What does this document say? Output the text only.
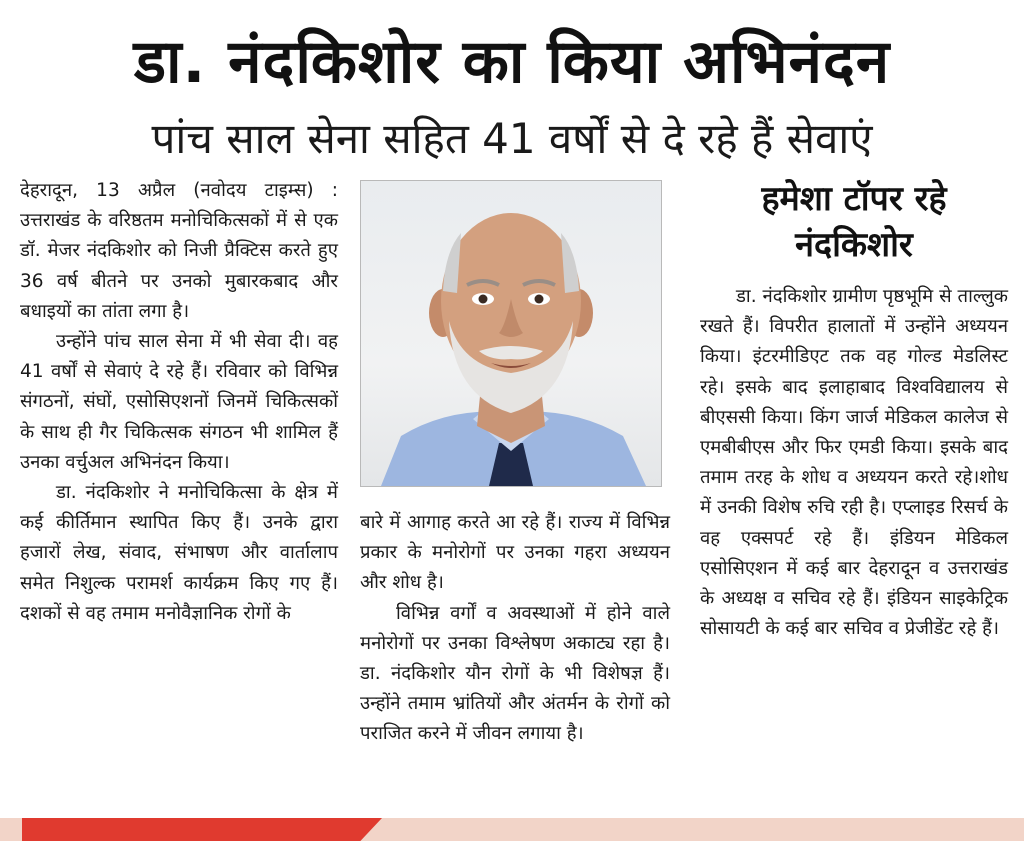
डा. नंदकिशोर का किया अभिनंदन
पांच साल सेना सहित 41 वर्षों से दे रहे हैं सेवाएं

देहरादून, 13 अप्रैल (नवोदय टाइम्स) : उत्तराखंड के वरिष्ठतम मनोचिकित्सकों में से एक डॉ. मेजर नंदकिशोर को निजी प्रैक्टिस करते हुए 36 वर्ष बीतने पर उनको मुबारकबाद और बधाइयों का तांता लगा है।

उन्होंने पांच साल सेना में भी सेवा दी। वह 41 वर्षों से सेवाएं दे रहे हैं। रविवार को विभिन्न संगठनों, संघों, एसोसिएशनों जिनमें चिकित्सकों के साथ ही गैर चिकित्सक संगठन भी शामिल हैं उनका वर्चुअल अभिनंदन किया।

डा. नंदकिशोर ने मनोचिकित्सा के क्षेत्र में कई कीर्तिमान स्थापित किए हैं। उनके द्वारा हजारों लेख, संवाद, संभाषण और वार्तालाप समेत निशुल्क परामर्श कार्यक्रम किए गए हैं। दशकों से वह तमाम मनोवैज्ञानिक रोगों के

बारे में आगाह करते आ रहे हैं। राज्य में विभिन्न प्रकार के मनोरोगों पर उनका गहरा अध्ययन और शोध है।

विभिन्न वर्गों व अवस्थाओं में होने वाले मनोरोगों पर उनका विश्लेषण अकाट्य रहा है। डा. नंदकिशोर यौन रोगों के भी विशेषज्ञ हैं। उन्होंने तमाम भ्रांतियों और अंतर्मन के रोगों को पराजित करने में जीवन लगाया है।

हमेशा टॉपर रहे
नंदकिशोर

डा. नंदकिशोर ग्रामीण पृष्ठभूमि से ताल्लुक रखते हैं। विपरीत हालातों में उन्होंने अध्ययन किया। इंटरमीडिएट तक वह गोल्ड मेडलिस्ट रहे। इसके बाद इलाहाबाद विश्वविद्यालय से बीएससी किया। किंग जार्ज मेडिकल कालेज से एमबीबीएस और फिर एमडी किया। इसके बाद तमाम तरह के शोध व अध्ययन करते रहे।शोध में उनकी विशेष रुचि रही है। एप्लाइड रिसर्च के वह एक्सपर्ट रहे हैं। इंडियन मेडिकल एसोसिएशन में कई बार देहरादून व उत्तराखंड के अध्यक्ष व सचिव रहे हैं। इंडियन साइकेट्रिक सोसायटी के कई बार सचिव व प्रेजीडेंट रहे हैं।
